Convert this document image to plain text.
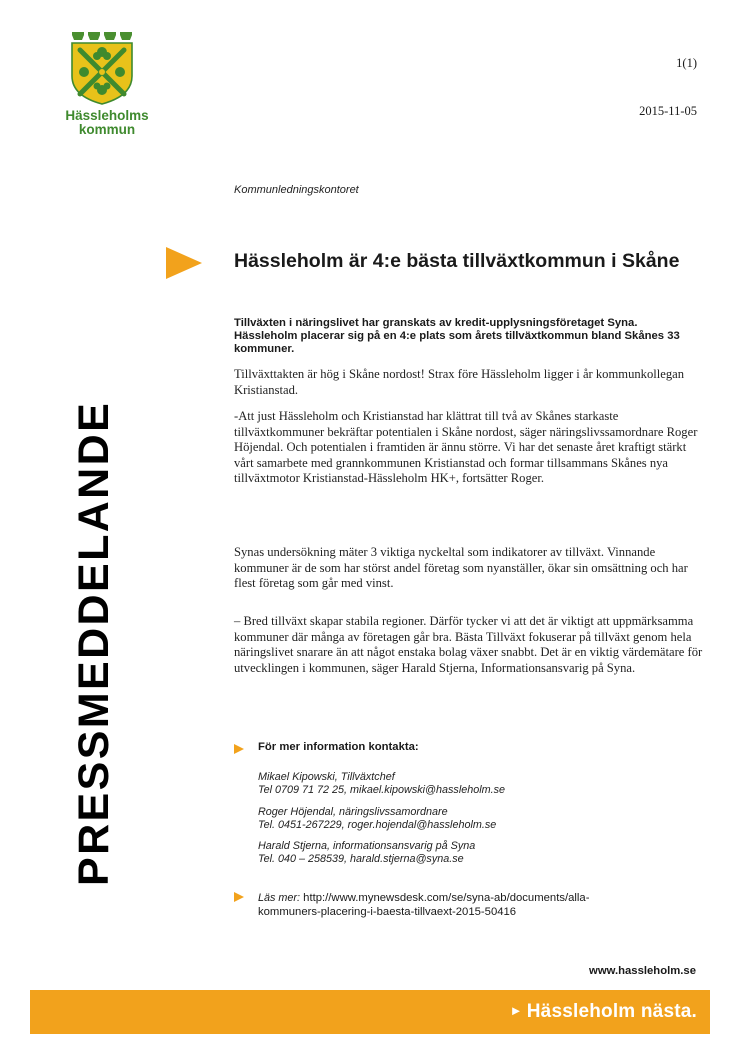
Hässleholms
kommun
1(1)
2015-11-05
Kommunledningskontoret
PRESSMEDDELANDE
Hässleholm är 4:e bästa tillväxtkommun i Skåne

Tillväxten i näringslivet har granskats av kredit-upplysningsföretaget Syna. Hässleholm placerar sig på en 4:e plats som årets tillväxtkommun bland Skånes 33 kommuner.

Tillväxttakten är hög i Skåne nordost! Strax före Hässleholm ligger i år kommunkollegan Kristianstad.

-Att just Hässleholm och Kristianstad har klättrat till två av Skånes starkaste tillväxtkommuner bekräftar potentialen i Skåne nordost, säger näringslivssamordnare Roger Höjendal. Och potentialen i framtiden är ännu större. Vi har det senaste året kraftigt stärkt vårt samarbete med grannkommunen Kristianstad och formar tillsammans Skånes nya tillväxtmotor Kristianstad-Hässleholm HK+, fortsätter Roger.

Synas undersökning mäter 3 viktiga nyckeltal som indikatorer av tillväxt. Vinnande kommuner är de som har störst andel företag som nyanställer, ökar sin omsättning och har flest företag som går med vinst.

– Bred tillväxt skapar stabila regioner. Därför tycker vi att det är viktigt att uppmärksamma kommuner där många av företagen går bra. Bästa Tillväxt fokuserar på tillväxt genom hela näringslivet snarare än att något enstaka bolag växer snabbt. Det är en viktig värdemätare för utvecklingen i kommunen, säger Harald Stjerna, Informationsansvarig på Syna.

För mer information kontakta:
Mikael Kipowski, Tillväxtchef
Tel 0709 71 72 25, mikael.kipowski@hassleholm.se
Roger Höjendal, näringslivssamordnare
Tel. 0451-267229, roger.hojendal@hassleholm.se
Harald Stjerna, informationsansvarig på Syna
Tel. 040 – 258539, harald.stjerna@syna.se
Läs mer: http://www.mynewsdesk.com/se/syna-ab/documents/alla-
kommuners-placering-i-baesta-tillvaext-2015-50416
www.hassleholm.se
► Hässleholm nästa.
